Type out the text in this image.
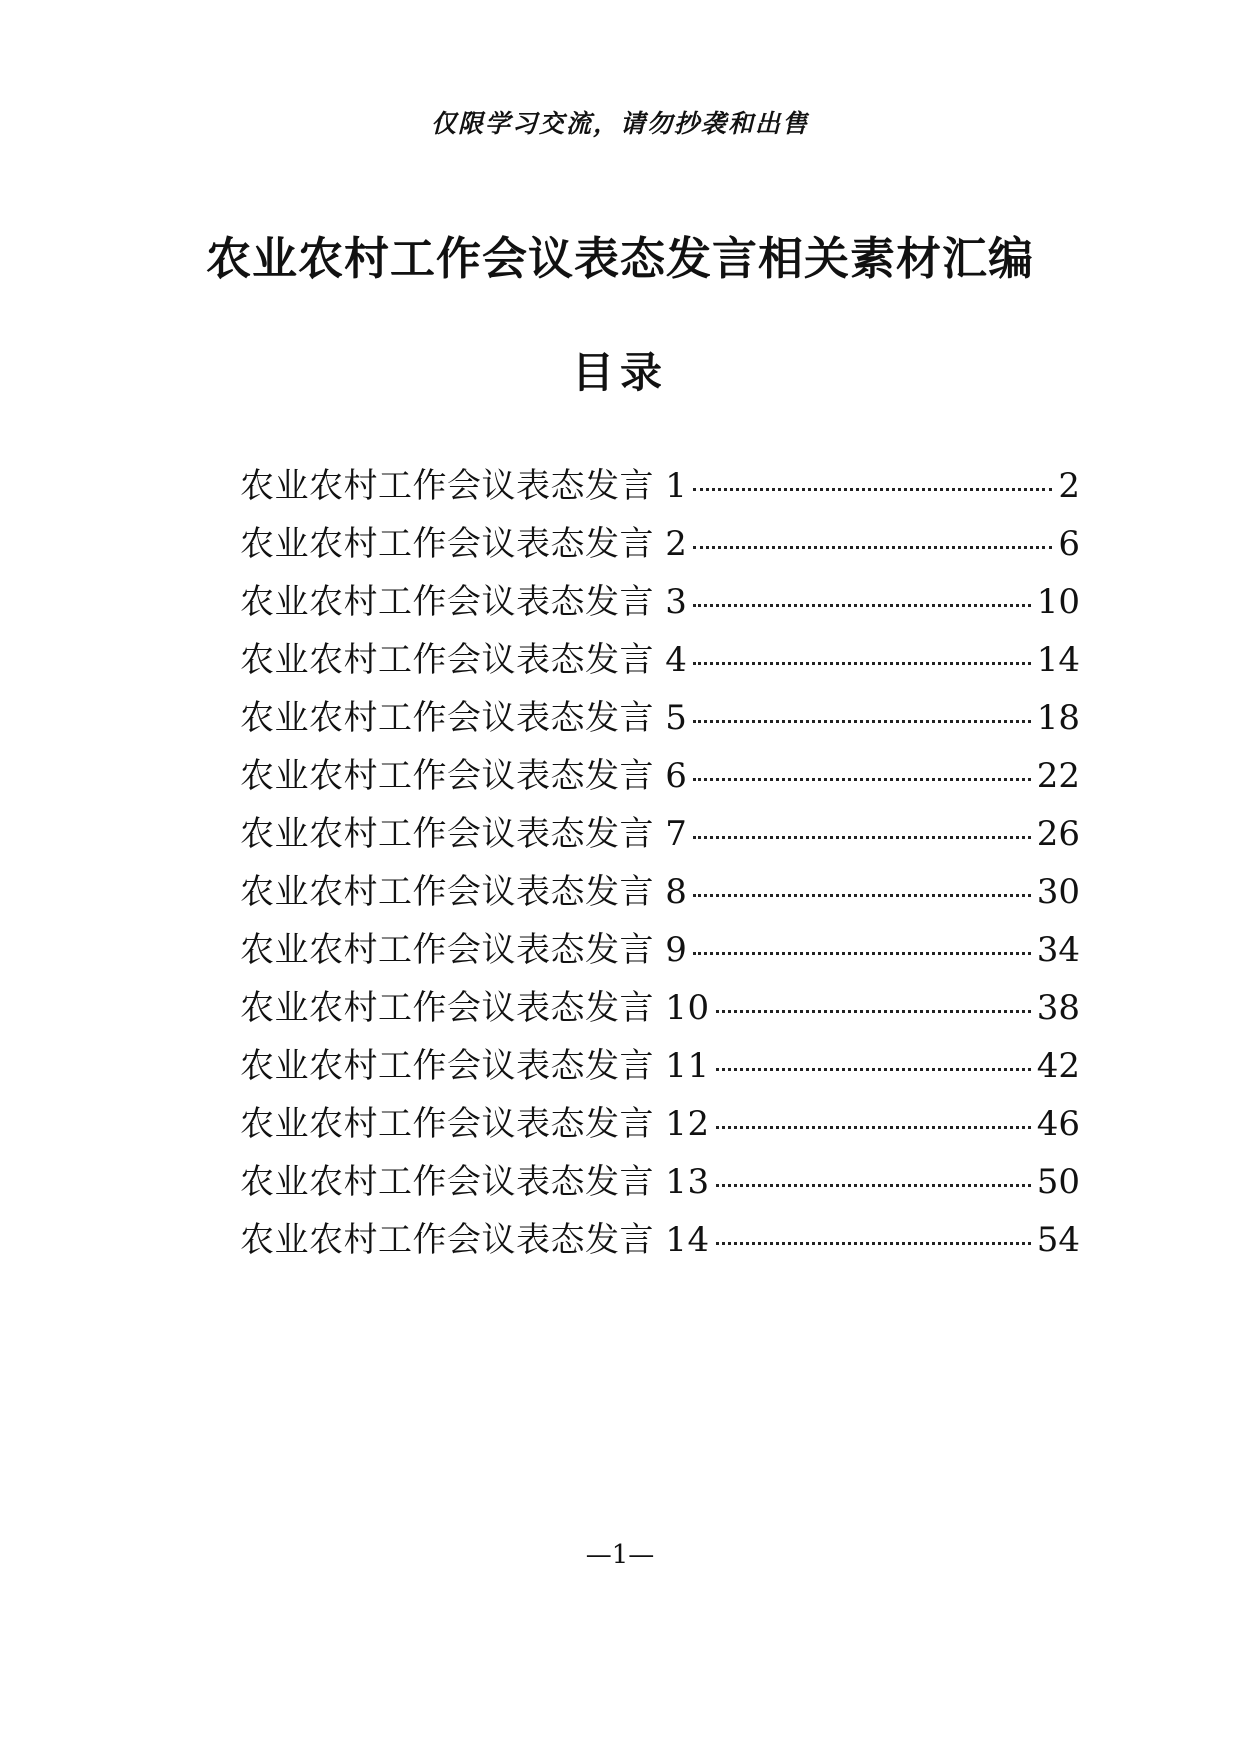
仅限学习交流，请勿抄袭和出售
农业农村工作会议表态发言相关素材汇编
目录
农业农村工作会议表态发言 1	2
农业农村工作会议表态发言 2	6
农业农村工作会议表态发言 3	10
农业农村工作会议表态发言 4	14
农业农村工作会议表态发言 5	18
农业农村工作会议表态发言 6	22
农业农村工作会议表态发言 7	26
农业农村工作会议表态发言 8	30
农业农村工作会议表态发言 9	34
农业农村工作会议表态发言 10	38
农业农村工作会议表态发言 11	42
农业农村工作会议表态发言 12	46
农业农村工作会议表态发言 13	50
农业农村工作会议表态发言 14	54
—1—
